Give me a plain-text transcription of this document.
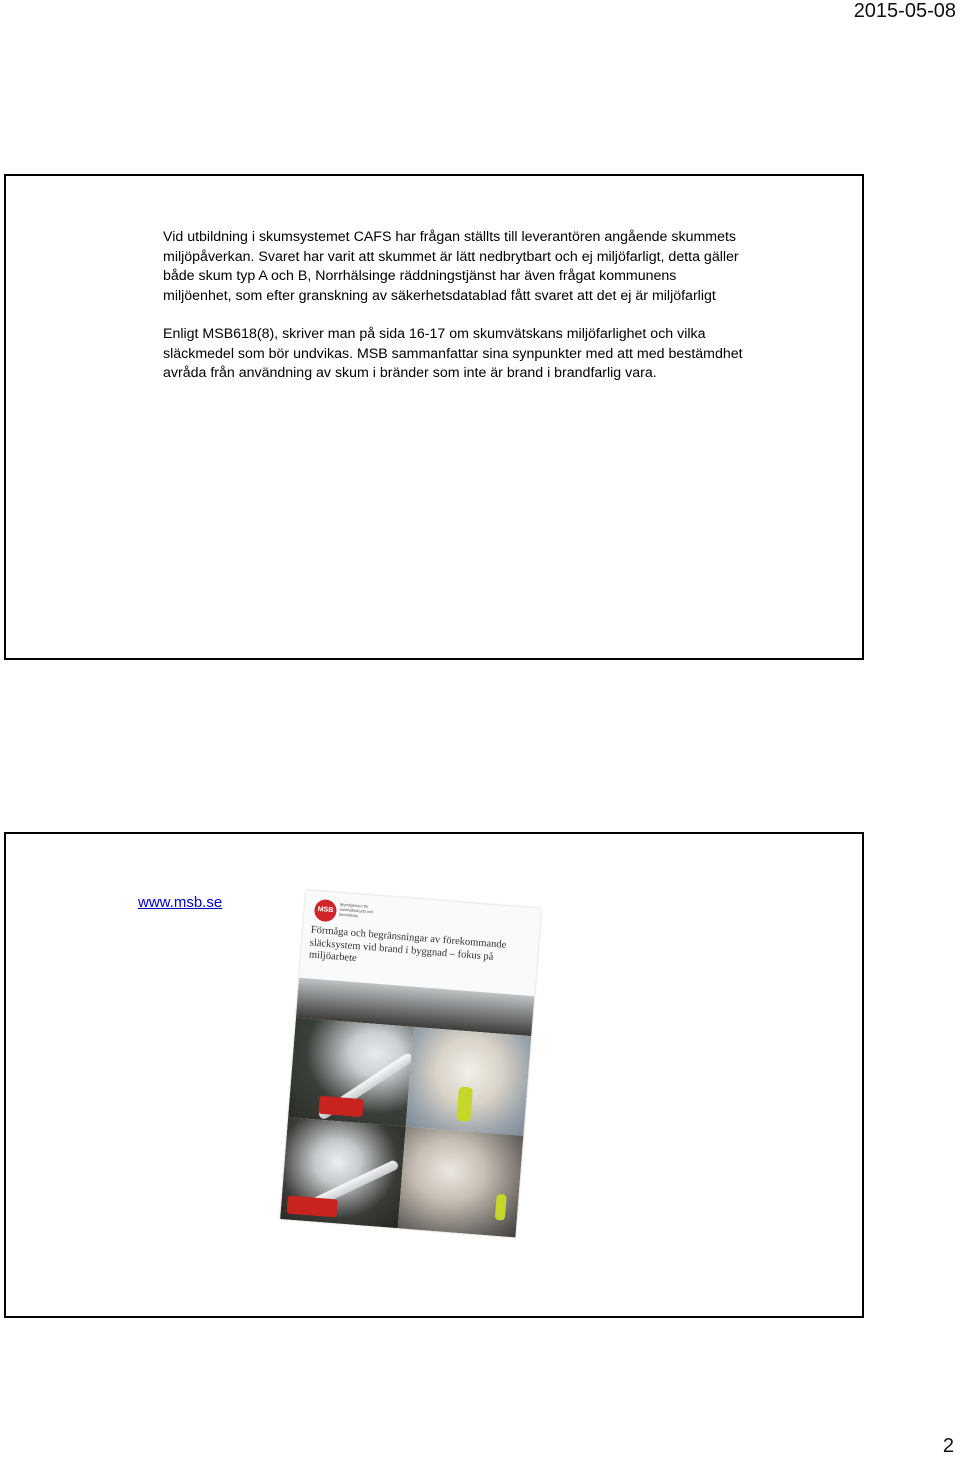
2015-05-08

Vid utbildning i skumsystemet CAFS har frågan ställts till leverantören angående skummets miljöpåverkan. Svaret har varit att skummet är lätt nedbrytbart och ej miljöfarligt, detta gäller både skum typ A och B, Norrhälsinge räddningstjänst har även frågat kommunens miljöenhet, som efter granskning av säkerhetsdatablad fått svaret att det ej är miljöfarligt

Enligt MSB618(8), skriver man på sida 16-17 om skumvätskans miljöfarlighet och vilka släckmedel som bör undvikas. MSB sammanfattar sina synpunkter med att med bestämdhet avråda från användning av skum i bränder som inte är brand i brandfarlig vara.

www.msb.se	MSB
Myndigheten för samhällsskydd och beredskap
Förmåga och begränsningar av förekommande släcksystem vid brand i byggnad – fokus på miljöarbete
2
